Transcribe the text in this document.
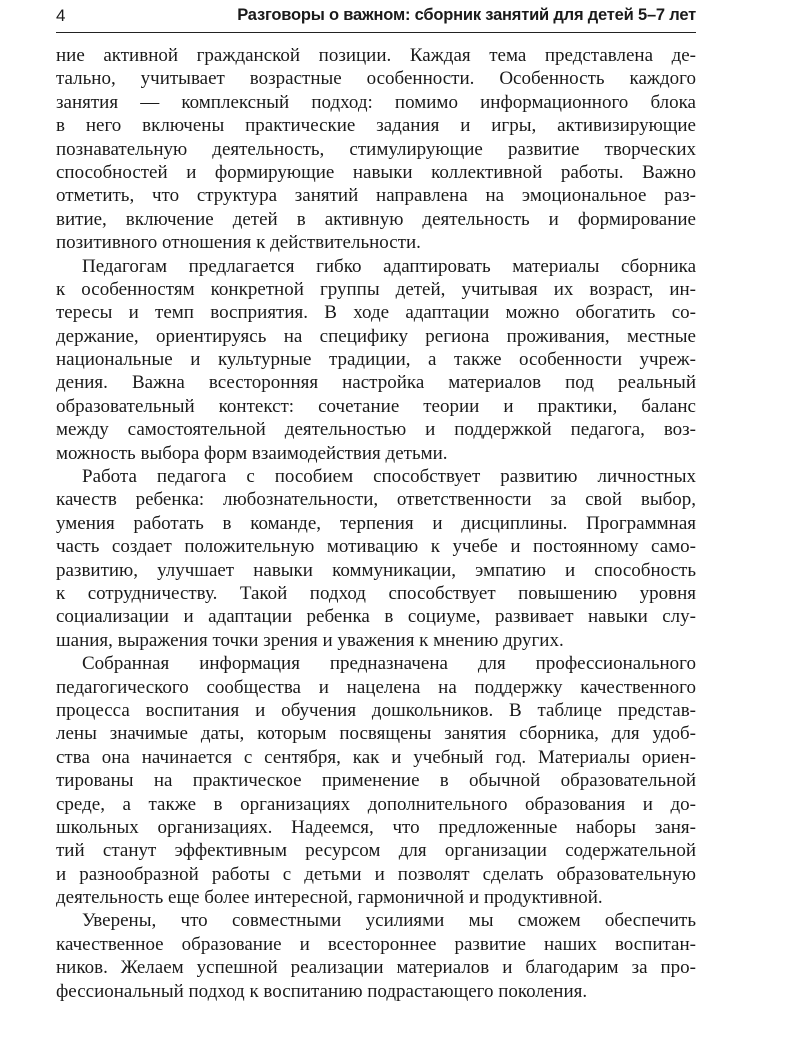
4	Разговоры о важном: сборник занятий для детей 5–7 лет
ние активной гражданской позиции. Каждая тема представлена де-
тально, учитывает возрастные особенности. Особенность каждого
занятия — комплексный подход: помимо информационного блока
в него включены практические задания и игры, активизирующие
познавательную деятельность, стимулирующие развитие творческих
способностей и формирующие навыки коллективной работы. Важно
отметить, что структура занятий направлена на эмоциональное раз-
витие, включение детей в активную деятельность и формирование
позитивного отношения к действительности.
Педагогам предлагается гибко адаптировать материалы сборника
к особенностям конкретной группы детей, учитывая их возраст, ин-
тересы и темп восприятия. В ходе адаптации можно обогатить со-
держание, ориентируясь на специфику региона проживания, местные
национальные и культурные традиции, а также особенности учреж-
дения. Важна всесторонняя настройка материалов под реальный
образовательный контекст: сочетание теории и практики, баланс
между самостоятельной деятельностью и поддержкой педагога, воз-
можность выбора форм взаимодействия детьми.
Работа педагога с пособием способствует развитию личностных
качеств ребенка: любознательности, ответственности за свой выбор,
умения работать в команде, терпения и дисциплины. Программная
часть создает положительную мотивацию к учебе и постоянному само-
развитию, улучшает навыки коммуникации, эмпатию и способность
к сотрудничеству. Такой подход способствует повышению уровня
социализации и адаптации ребенка в социуме, развивает навыки слу-
шания, выражения точки зрения и уважения к мнению других.
Собранная информация предназначена для профессионального
педагогического сообщества и нацелена на поддержку качественного
процесса воспитания и обучения дошкольников. В таблице представ-
лены значимые даты, которым посвящены занятия сборника, для удоб-
ства она начинается с сентября, как и учебный год. Материалы ориен-
тированы на практическое применение в обычной образовательной
среде, а также в организациях дополнительного образования и до-
школьных организациях. Надеемся, что предложенные наборы заня-
тий станут эффективным ресурсом для организации содержательной
и разнообразной работы с детьми и позволят сделать образовательную
деятельность еще более интересной, гармоничной и продуктивной.
Уверены, что совместными усилиями мы сможем обеспечить
качественное образование и всестороннее развитие наших воспитан-
ников. Желаем успешной реализации материалов и благодарим за про-
фессиональный подход к воспитанию подрастающего поколения.
